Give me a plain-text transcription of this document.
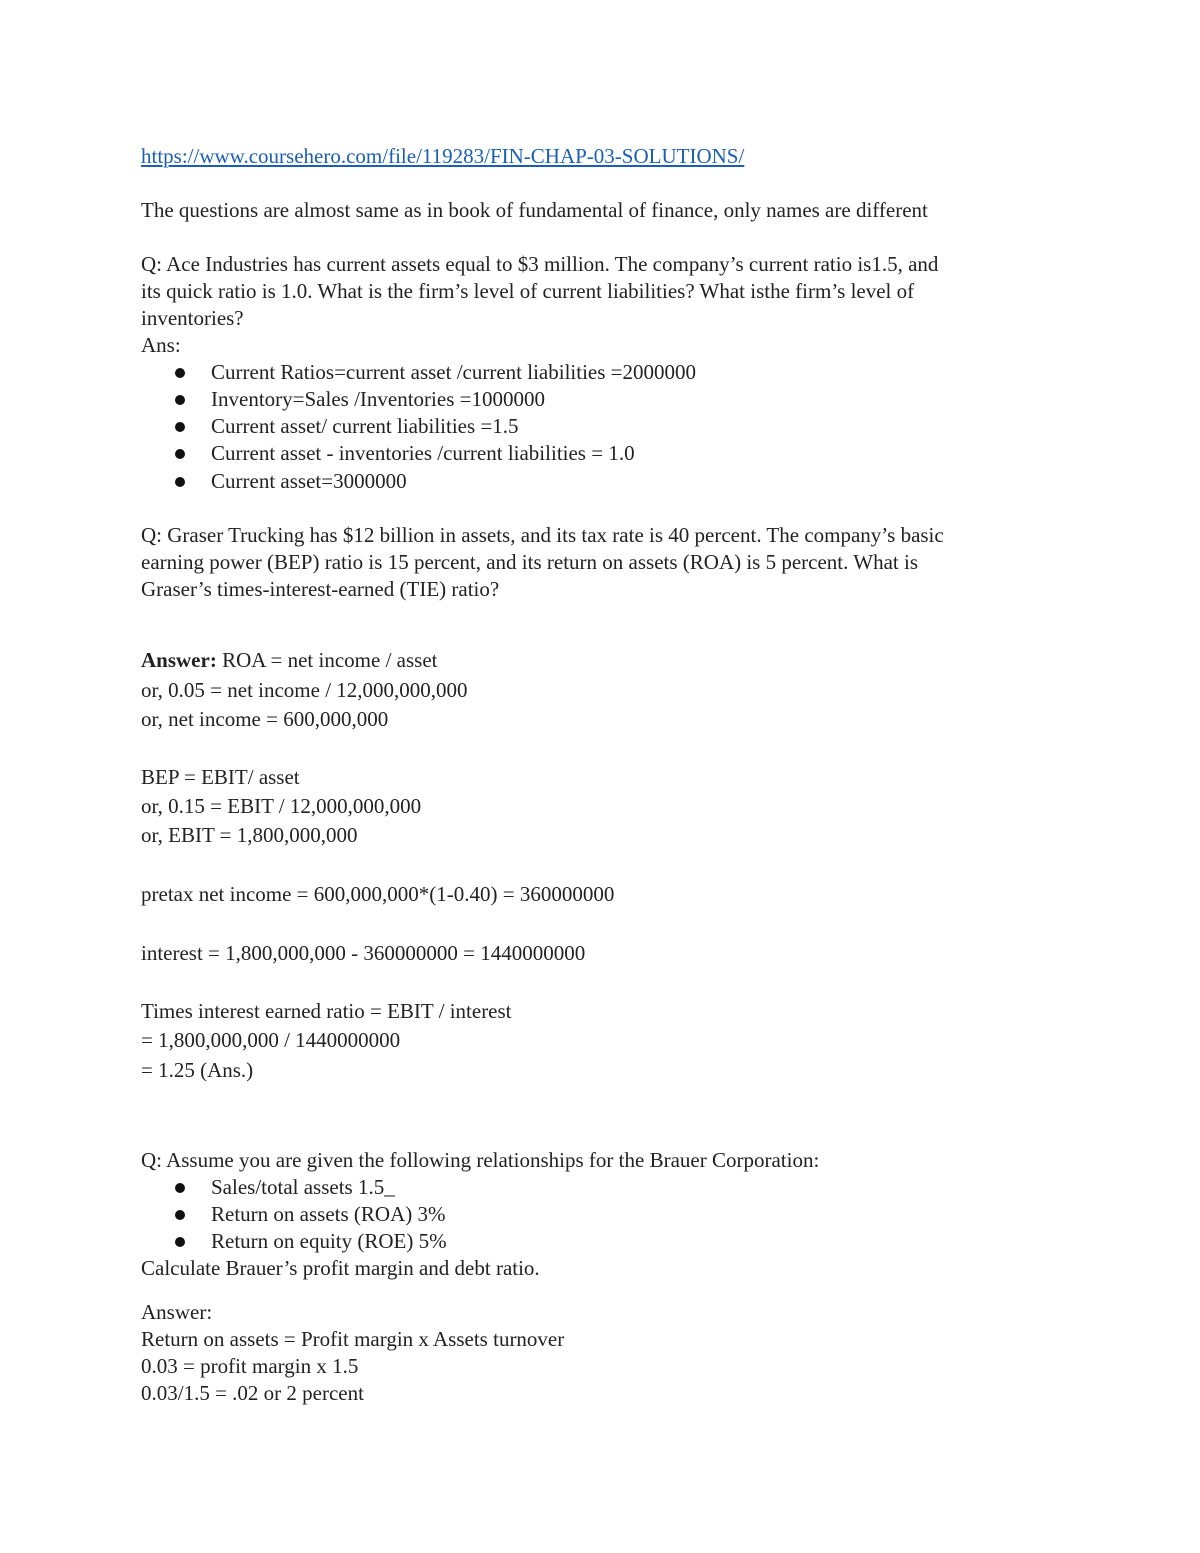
https://www.coursehero.com/file/119283/FIN-CHAP-03-SOLUTIONS/
The questions are almost same as in book of fundamental of finance, only names are different
Q: Ace Industries has current assets equal to $3 million. The company’s current ratio is1.5, and
its quick ratio is 1.0. What is the firm’s level of current liabilities? What isthe firm’s level of
inventories?
Ans:
Current Ratios=current asset /current liabilities =2000000
Inventory=Sales /Inventories =1000000
Current asset/ current liabilities =1.5
Current asset - inventories /current liabilities = 1.0
Current asset=3000000
Q: Graser Trucking has $12 billion in assets, and its tax rate is 40 percent. The company’s basic
earning power (BEP) ratio is 15 percent, and its return on assets (ROA) is 5 percent. What is
Graser’s times-interest-earned (TIE) ratio?
Answer: ROA = net income / asset
or, 0.05 = net income / 12,000,000,000
or, net income = 600,000,000
BEP = EBIT/ asset
or, 0.15 = EBIT / 12,000,000,000
or, EBIT = 1,800,000,000
pretax net income = 600,000,000*(1-0.40) = 360000000
interest = 1,800,000,000 - 360000000 = 1440000000
Times interest earned ratio = EBIT / interest
= 1,800,000,000 / 1440000000
= 1.25 (Ans.)
Q: Assume you are given the following relationships for the Brauer Corporation:
Sales/total assets 1.5_
Return on assets (ROA) 3%
Return on equity (ROE) 5%
Calculate Brauer’s profit margin and debt ratio.
Answer:
Return on assets = Profit margin x Assets turnover
0.03 = profit margin x 1.5
0.03/1.5 = .02 or 2 percent
